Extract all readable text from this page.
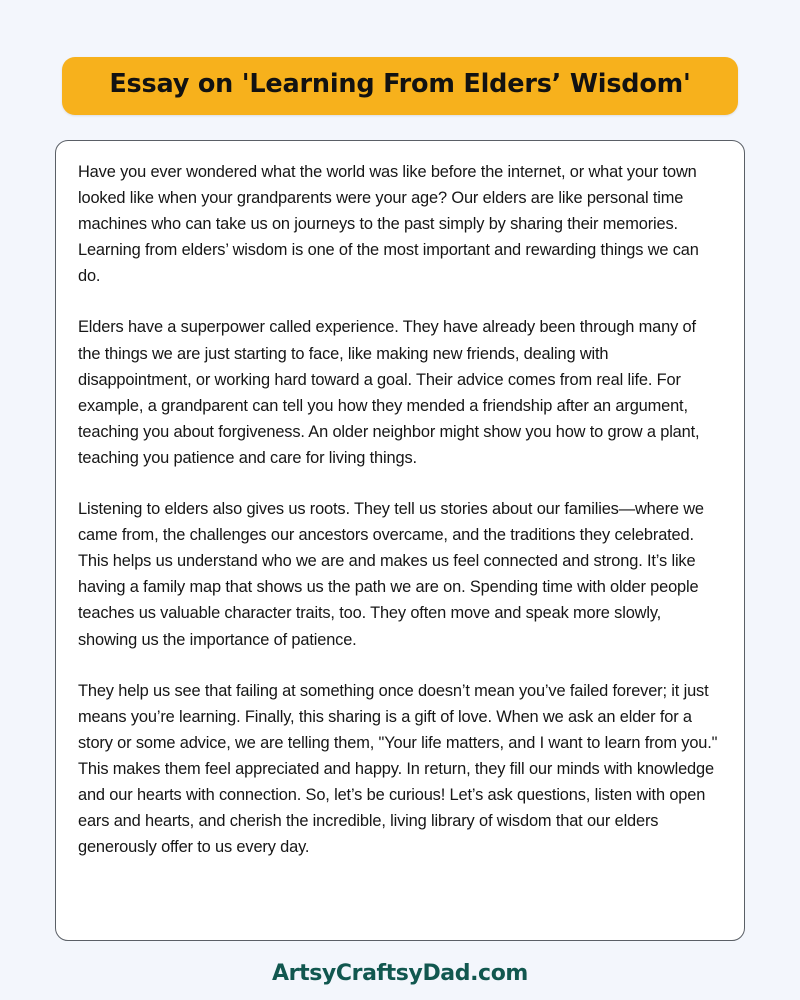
Essay on 'Learning From Elders’ Wisdom'

Have you ever wondered what the world was like before the internet, or what your town looked like when your grandparents were your age? Our elders are like personal time machines who can take us on journeys to the past simply by sharing their memories. Learning from elders’ wisdom is one of the most important and rewarding things we can do.

Elders have a superpower called experience. They have already been through many of the things we are just starting to face, like making new friends, dealing with disappointment, or working hard toward a goal. Their advice comes from real life. For example, a grandparent can tell you how they mended a friendship after an argument, teaching you about forgiveness. An older neighbor might show you how to grow a plant, teaching you patience and care for living things.

Listening to elders also gives us roots. They tell us stories about our families—where we came from, the challenges our ancestors overcame, and the traditions they celebrated. This helps us understand who we are and makes us feel connected and strong. It’s like having a family map that shows us the path we are on. Spending time with older people teaches us valuable character traits, too. They often move and speak more slowly, showing us the importance of patience.

They help us see that failing at something once doesn’t mean you’ve failed forever; it just means you’re learning. Finally, this sharing is a gift of love. When we ask an elder for a story or some advice, we are telling them, "Your life matters, and I want to learn from you." This makes them feel appreciated and happy. In return, they fill our minds with knowledge and our hearts with connection. So, let’s be curious! Let’s ask questions, listen with open ears and hearts, and cherish the incredible, living library of wisdom that our elders generously offer to us every day.

ArtsyCraftsyDad.com
